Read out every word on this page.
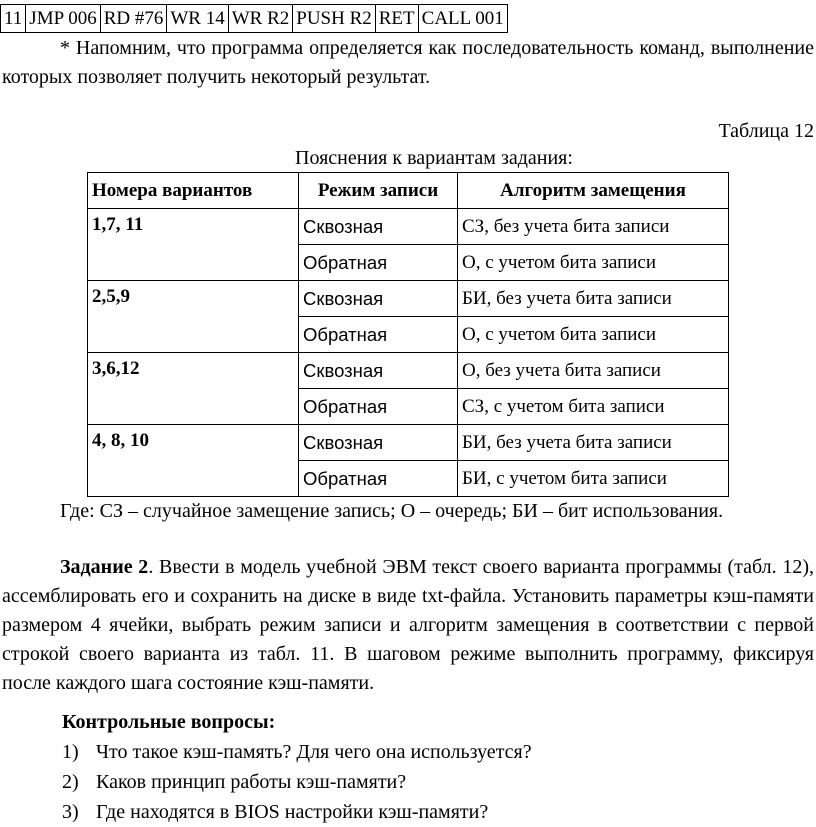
11	JMP 006	RD #76	WR 14	WR R2	PUSH R2	RET	CALL 001

* Напомним, что программа определяется как последовательность команд, выполнение которых позволяет получить некоторый результат.

Таблица 12
Пояснения к вариантам задания:
Номера вариантов	Режим записи	Алгоритм замещения
1,7, 11	Сквозная	СЗ, без учета бита записи
	Обратная	О, с учетом бита записи
2,5,9	Сквозная	БИ, без учета бита записи
	Обратная	О, с учетом бита записи
3,6,12	Сквозная	О, без учета бита записи
	Обратная	СЗ, с учетом бита записи
4, 8, 10	Сквозная	БИ, без учета бита записи
	Обратная	БИ, с учетом бита записи

Где: СЗ – случайное замещение запись; О – очередь; БИ – бит использования.

Задание 2. Ввести в модель учебной ЭВМ текст своего варианта программы (табл. 12), ассемблировать его и сохранить на диске в виде txt-файла. Установить параметры кэш-памяти размером 4 ячейки, выбрать режим записи и алгоритм замещения в соответствии с первой строкой своего варианта из табл. 11. В шаговом режиме выполнить программу, фиксируя после каждого шага состояние кэш-памяти.

Контрольные вопросы:
1) Что такое кэш-память? Для чего она используется?
2) Каков принцип работы кэш-памяти?
3) Где находятся в BIOS настройки кэш-памяти?
